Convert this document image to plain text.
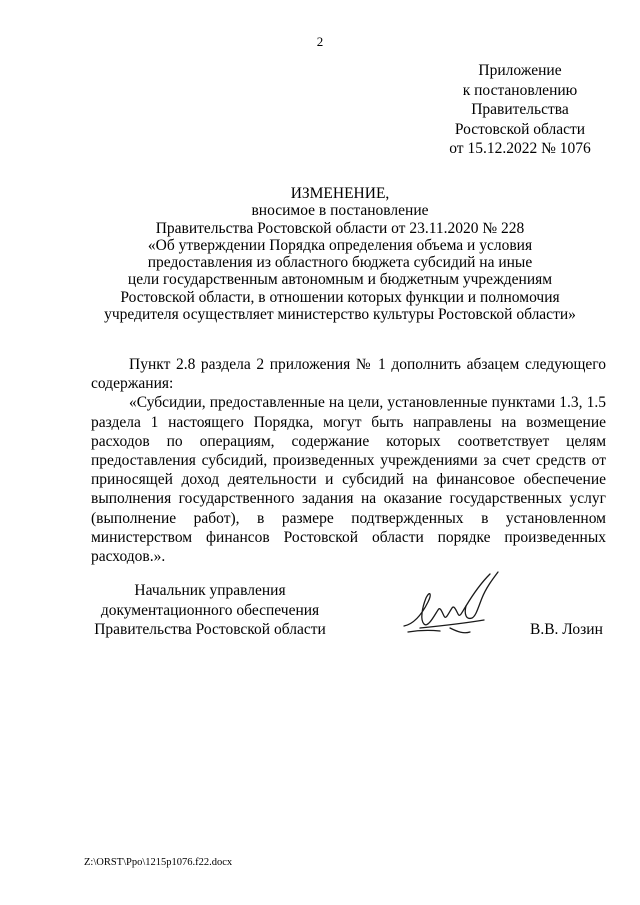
2
Приложение
к постановлению
Правительства
Ростовской области
от 15.12.2022 № 1076
ИЗМЕНЕНИЕ,
вносимое в постановление
Правительства Ростовской области от 23.11.2020 № 228
«Об утверждении Порядка определения объема и условия
предоставления из областного бюджета субсидий на иные
цели государственным автономным и бюджетным учреждениям
Ростовской области, в отношении которых функции и полномочия
учредителя осуществляет министерство культуры Ростовской области»

Пункт 2.8 раздела 2 приложения № 1 дополнить абзацем следующего содержания:

«Субсидии, предоставленные на цели, установленные пунктами 1.3, 1.5 раздела 1 настоящего Порядка, могут быть направлены на возмещение расходов по операциям, содержание которых соответствует целям предоставления субсидий, произведенных учреждениями за счет средств от приносящей доход деятельности и субсидий на финансовое обеспечение выполнения государственного задания на оказание государственных услуг (выполнение работ), в размере подтвержденных в установленном министерством финансов Ростовской области порядке произведенных расходов.».

Начальник управления
документационного обеспечения
Правительства Ростовской области	В.В. Лозин
Z:\ORST\Ppo\1215p1076.f22.docx
